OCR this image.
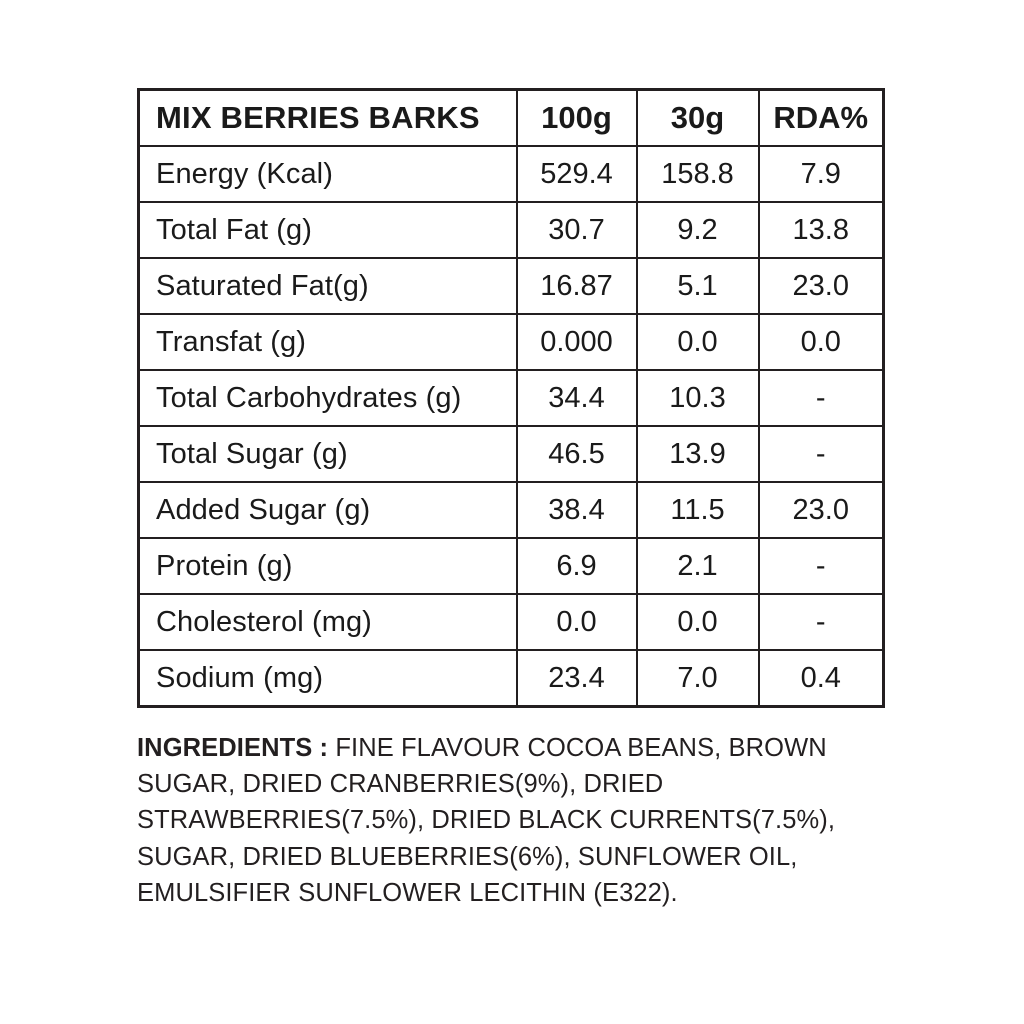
MIX BERRIES BARKS	100g	30g	RDA%
Energy (Kcal)	529.4	158.8	7.9
Total Fat (g)	30.7	9.2	13.8
Saturated Fat(g)	16.87	5.1	23.0
Transfat (g)	0.000	0.0	0.0
Total Carbohydrates (g)	34.4	10.3	-
Total Sugar (g)	46.5	13.9	-
Added Sugar (g)	38.4	11.5	23.0
Protein (g)	6.9	2.1	-
Cholesterol (mg)	0.0	0.0	-
Sodium (mg)	23.4	7.0	0.4

INGREDIENTS : FINE FLAVOUR COCOA BEANS, BROWN SUGAR, DRIED CRANBERRIES(9%), DRIED STRAWBERRIES(7.5%), DRIED BLACK CURRENTS(7.5%), SUGAR, DRIED BLUEBERRIES(6%), SUNFLOWER OIL, EMULSIFIER SUNFLOWER LECITHIN (E322).
